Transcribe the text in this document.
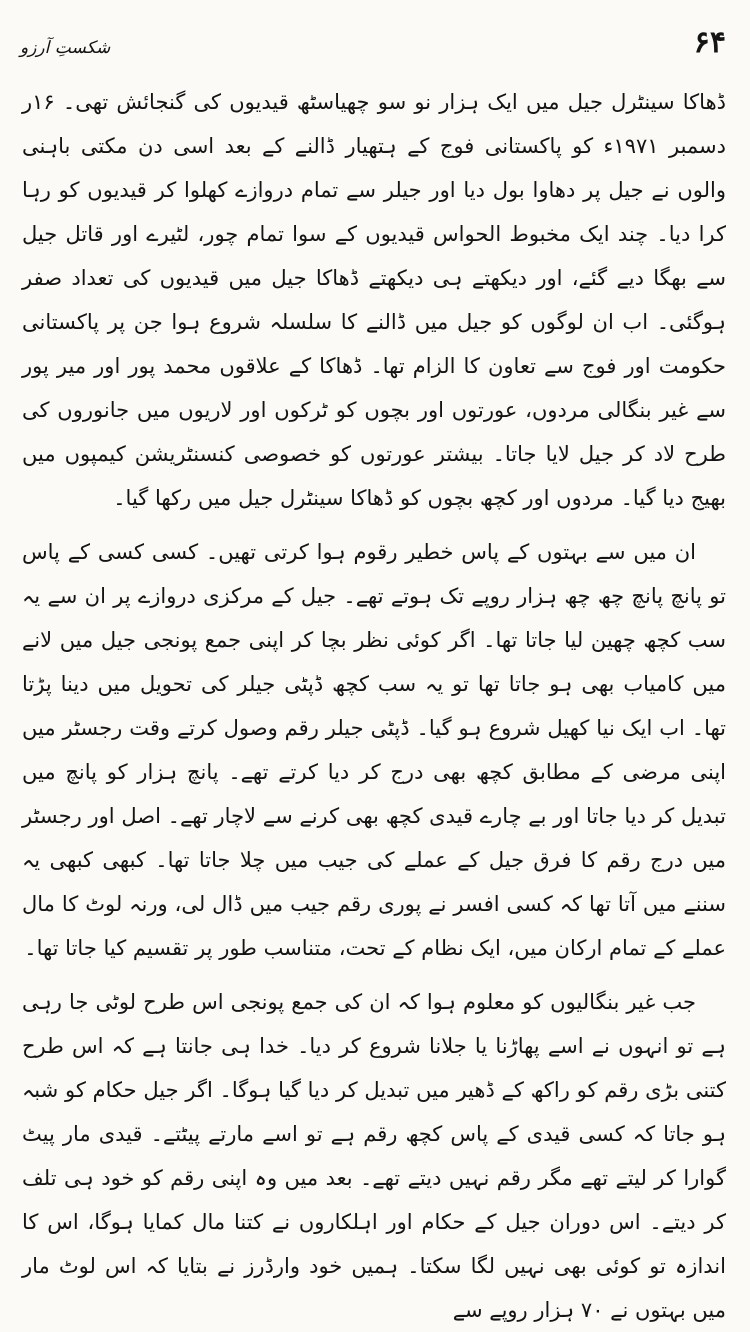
۶۴
شکستِ آرزو

ڈھاکا سینٹرل جیل میں ایک ہزار نو سو چھیاسٹھ قیدیوں کی گنجائش تھی۔ ۱۶ر دسمبر ۱۹۷۱ء کو پاکستانی فوج کے ہتھیار ڈالنے کے بعد اسی دن مکتی باہنی والوں نے جیل پر دھاوا بول دیا اور جیلر سے تمام دروازے کھلوا کر قیدیوں کو رہا کرا دیا۔ چند ایک مخبوط الحواس قیدیوں کے سوا تمام چور، لٹیرے اور قاتل جیل سے بھگا دیے گئے، اور دیکھتے ہی دیکھتے ڈھاکا جیل میں قیدیوں کی تعداد صفر ہوگئی۔ اب ان لوگوں کو جیل میں ڈالنے کا سلسلہ شروع ہوا جن پر پاکستانی حکومت اور فوج سے تعاون کا الزام تھا۔ ڈھاکا کے علاقوں محمد پور اور میر پور سے غیر بنگالی مردوں، عورتوں اور بچوں کو ٹرکوں اور لاریوں میں جانوروں کی طرح لاد کر جیل لایا جاتا۔ بیشتر عورتوں کو خصوصی کنسنٹریشن کیمپوں میں بھیج دیا گیا۔ مردوں اور کچھ بچوں کو ڈھاکا سینٹرل جیل میں رکھا گیا۔

ان میں سے بہتوں کے پاس خطیر رقوم ہوا کرتی تھیں۔ کسی کسی کے پاس تو پانچ پانچ چھ چھ ہزار روپے تک ہوتے تھے۔ جیل کے مرکزی دروازے پر ان سے یہ سب کچھ چھین لیا جاتا تھا۔ اگر کوئی نظر بچا کر اپنی جمع پونجی جیل میں لانے میں کامیاب بھی ہو جاتا تھا تو یہ سب کچھ ڈپٹی جیلر کی تحویل میں دینا پڑتا تھا۔ اب ایک نیا کھیل شروع ہو گیا۔ ڈپٹی جیلر رقم وصول کرتے وقت رجسٹر میں اپنی مرضی کے مطابق کچھ بھی درج کر دیا کرتے تھے۔ پانچ ہزار کو پانچ میں تبدیل کر دیا جاتا اور بے چارے قیدی کچھ بھی کرنے سے لاچار تھے۔ اصل اور رجسٹر میں درج رقم کا فرق جیل کے عملے کی جیب میں چلا جاتا تھا۔ کبھی کبھی یہ سننے میں آتا تھا کہ کسی افسر نے پوری رقم جیب میں ڈال لی، ورنہ لوٹ کا مال عملے کے تمام ارکان میں، ایک نظام کے تحت، متناسب طور پر تقسیم کیا جاتا تھا۔

جب غیر بنگالیوں کو معلوم ہوا کہ ان کی جمع پونجی اس طرح لوٹی جا رہی ہے تو انہوں نے اسے پھاڑنا یا جلانا شروع کر دیا۔ خدا ہی جانتا ہے کہ اس طرح کتنی بڑی رقم کو راکھ کے ڈھیر میں تبدیل کر دیا گیا ہوگا۔ اگر جیل حکام کو شبہ ہو جاتا کہ کسی قیدی کے پاس کچھ رقم ہے تو اسے مارتے پیٹتے۔ قیدی مار پیٹ گوارا کر لیتے تھے مگر رقم نہیں دیتے تھے۔ بعد میں وہ اپنی رقم کو خود ہی تلف کر دیتے۔ اس دوران جیل کے حکام اور اہلکاروں نے کتنا مال کمایا ہوگا، اس کا اندازہ تو کوئی بھی نہیں لگا سکتا۔ ہمیں خود وارڈرز نے بتایا کہ اس لوٹ مار میں بہتوں نے ۷۰ ہزار روپے سے
